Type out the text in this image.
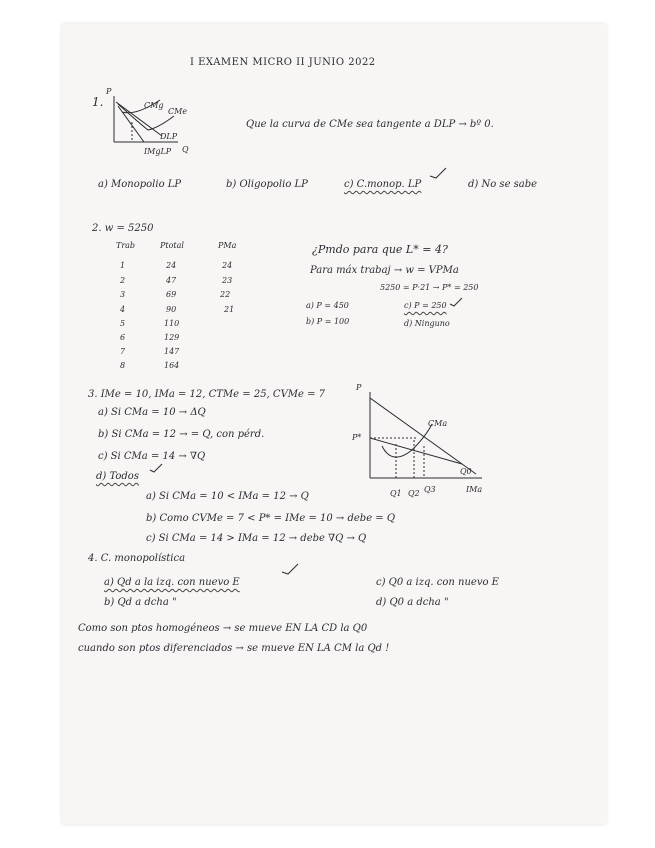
I EXAMEN MICRO II JUNIO 2022
1.
P
CMg
CMe
DLP
IMgLP Q
Que la curva de CMe sea tangente a DLP → bº 0.
a) Monopolio LP	b) Oligopolio LP	c) C.monop. LP	d) No se sabe
2. w = 5250
Trab	Ptotal	PMa
1	24	24
2	47	23
3	69	22
4	90	21
5	110
6	129
7	147
8	164
¿Pmdo para que L* = 4?
Para máx trabaj → w = VPMa
5250 = P·21 → P* = 250
a) P = 450
b) P = 100
c) P = 250
d) Ninguno
3. IMe = 10, IMa = 12, CTMe = 25, CVMe = 7
a) Si CMa = 10 → ΔQ
b) Si CMa = 12 → = Q, con pérd.
c) Si CMa = 14 → ∇Q
d) Todos
a) Si CMa = 10 < IMa = 12 → Q
b) Como CVMe = 7 < P* = IMe = 10 → debe = Q
c) Si CMa = 14 > IMa = 12 → debe ∇Q → Q
P
P*
CMa
Q0
IMa
Q1 Q2 Q3
4. C. monopolística
a) Qd a la izq. con nuevo E
b) Qd a dcha "
c) Q0 a izq. con nuevo E
d) Q0 a dcha "
Como son ptos homogéneos → se mueve EN LA CD la Q0
cuando son ptos diferenciados → se mueve EN LA CM la Qd !
